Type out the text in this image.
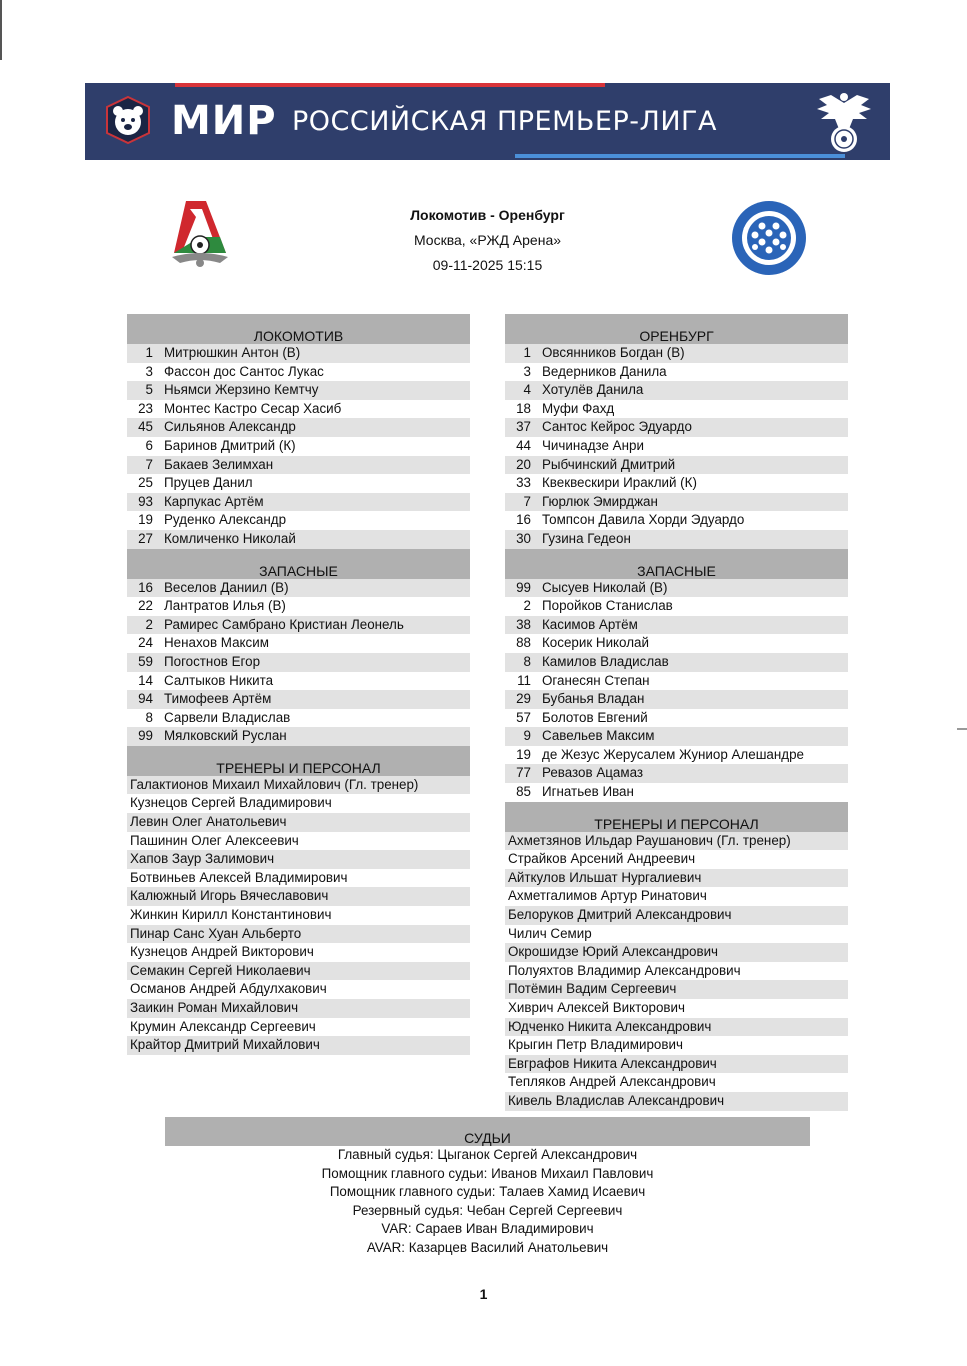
МИР РОССИЙСКАЯ ПРЕМЬЕР-ЛИГА
Локомотив - Оренбург
Москва, «РЖД Арена»
09-11-2025 15:15
ЛОКОМОТИВ
1 Митрюшкин Антон (В)
3 Фассон дос Сантос Лукас
5 Ньямси Жерзино Кемтчу
23 Монтес Кастро Сесар Хасиб
45 Сильянов Александр
6 Баринов Дмитрий (К)
7 Бакаев Зелимхан
25 Пруцев Данил
93 Карпукас Артём
19 Руденко Александр
27 Комличенко Николай
ЗАПАСНЫЕ
16 Веселов Даниил (В)
22 Лантратов Илья (В)
2 Рамирес Самбрано Кристиан Леонель
24 Ненахов Максим
59 Погостнов Егор
14 Салтыков Никита
94 Тимофеев Артём
8 Сарвели Владислав
99 Мялковский Руслан
ТРЕНЕРЫ И ПЕРСОНАЛ
Галактионов Михаил Михайлович (Гл. тренер)
Кузнецов Сергей Владимирович
Левин Олег Анатольевич
Пашинин Олег Алексеевич
Хапов Заур Залимович
Ботвиньев Алексей Владимирович
Калюжный Игорь Вячеславович
Жинкин Кирилл Константинович
Пинар Санс Хуан Альберто
Кузнецов Андрей Викторович
Семакин Сергей Николаевич
Османов Андрей Абдулхакович
Заикин Роман Михайлович
Крумин Александр Сергеевич
Крайтор Дмитрий Михайлович
ОРЕНБУРГ
1 Овсянников Богдан (В)
3 Ведерников Данила
4 Хотулёв Данила
18 Муфи Фахд
37 Сантос Кейрос Эдуардо
44 Чичинадзе Анри
20 Рыбчинский Дмитрий
33 Квеквескири Ираклий (К)
7 Гюрлюк Эмирджан
16 Томпсон Давила Хорди Эдуардо
30 Гузина Гедеон
ЗАПАСНЫЕ
99 Сысуев Николай (В)
2 Поройков Станислав
38 Касимов Артём
88 Косерик Николай
8 Камилов Владислав
11 Оганесян Степан
29 Бубанья Владан
57 Болотов Евгений
9 Савельев Максим
19 де Жезус Жерусалем Жуниор Алешандре
77 Ревазов Ацамаз
85 Игнатьев Иван
ТРЕНЕРЫ И ПЕРСОНАЛ
Ахметзянов Ильдар Раушанович (Гл. тренер)
Страйков Арсений Андреевич
Айткулов Ильшат Нургалиевич
Ахметгалимов Артур Ринатович
Белоруков Дмитрий Александрович
Чилич Семир
Окрошидзе Юрий Александрович
Полуяхтов Владимир Александрович
Потёмин Вадим Сергеевич
Хиврич Алексей Викторович
Юдченко Никита Александрович
Крыгин Петр Владимирович
Евграфов Никита Александрович
Тепляков Андрей Александрович
Кивель Владислав Александрович
СУДЬИ
Главный судья: Цыганок Сергей Александрович
Помощник главного судьи: Иванов Михаил Павлович
Помощник главного судьи: Талаев Хамид Исаевич
Резервный судья: Чебан Сергей Сергеевич
VAR: Сараев Иван Владимирович
AVAR: Казарцев Василий Анатольевич
1
